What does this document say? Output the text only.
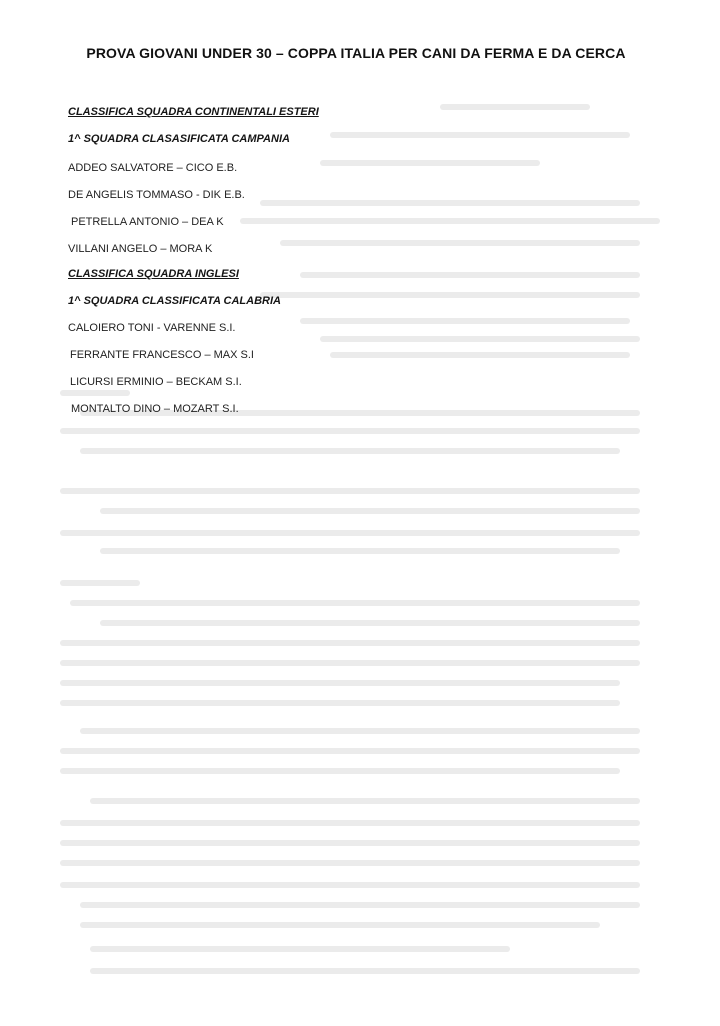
PROVA GIOVANI UNDER 30 – COPPA ITALIA PER CANI DA FERMA E DA CERCA
CLASSIFICA SQUADRA CONTINENTALI ESTERI
1^ SQUADRA CLASASIFICATA CAMPANIA
ADDEO SALVATORE – CICO E.B.
DE ANGELIS TOMMASO - DIK E.B.
PETRELLA ANTONIO – DEA K
VILLANI ANGELO – MORA K
CLASSIFICA SQUADRA INGLESI
1^ SQUADRA CLASSIFICATA CALABRIA
CALOIERO TONI - VARENNE S.I.
FERRANTE FRANCESCO – MAX S.I
LICURSI ERMINIO – BECKAM S.I.
MONTALTO DINO – MOZART S.I.
